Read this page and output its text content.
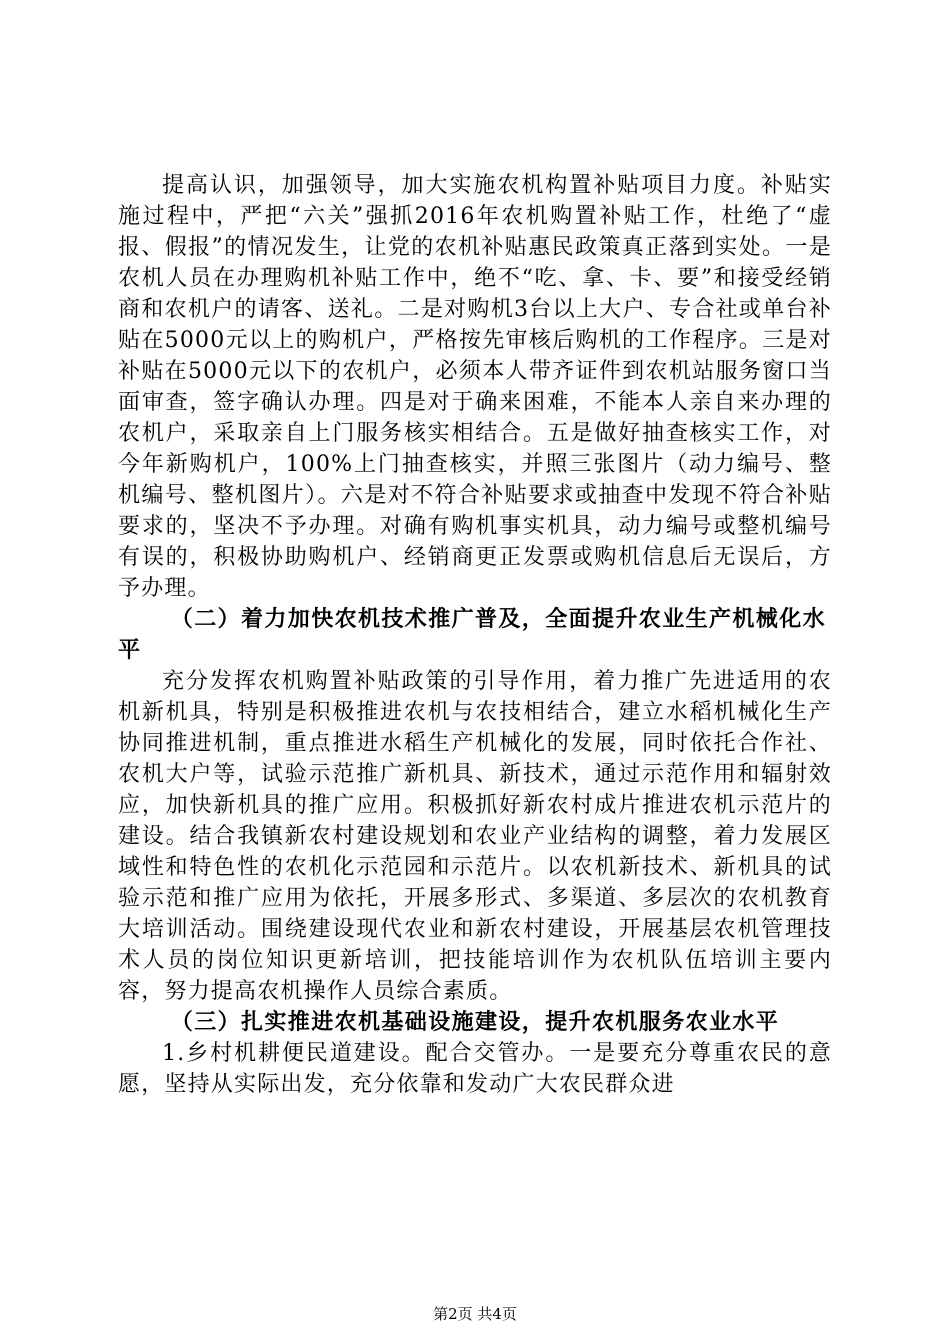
提高认识，加强领导，加大实施农机构置补贴项目力度。补贴实施过程中，严把“六关”强抓2016年农机购置补贴工作，杜绝了“虚报、假报”的情况发生，让党的农机补贴惠民政策真正落到实处。一是农机人员在办理购机补贴工作中，绝不“吃、拿、卡、要”和接受经销商和农机户的请客、送礼。二是对购机3台以上大户、专合社或单台补贴在5000元以上的购机户，严格按先审核后购机的工作程序。三是对补贴在5000元以下的农机户，必须本人带齐证件到农机站服务窗口当面审查，签字确认办理。四是对于确来困难，不能本人亲自来办理的农机户，采取亲自上门服务核实相结合。五是做好抽查核实工作，对今年新购机户，100%上门抽查核实，并照三张图片（动力编号、整机编号、整机图片）。六是对不符合补贴要求或抽查中发现不符合补贴要求的，坚决不予办理。对确有购机事实机具，动力编号或整机编号有误的，积极协助购机户、经销商更正发票或购机信息后无误后，方予办理。

（二）着力加快农机技术推广普及，全面提升农业生产机械化水平

充分发挥农机购置补贴政策的引导作用，着力推广先进适用的农机新机具，特别是积极推进农机与农技相结合，建立水稻机械化生产协同推进机制，重点推进水稻生产机械化的发展，同时依托合作社、农机大户等，试验示范推广新机具、新技术，通过示范作用和辐射效应，加快新机具的推广应用。积极抓好新农村成片推进农机示范片的建设。结合我镇新农村建设规划和农业产业结构的调整，着力发展区域性和特色性的农机化示范园和示范片。以农机新技术、新机具的试验示范和推广应用为依托，开展多形式、多渠道、多层次的农机教育大培训活动。围绕建设现代农业和新农村建设，开展基层农机管理技术人员的岗位知识更新培训，把技能培训作为农机队伍培训主要内容，努力提高农机操作人员综合素质。

（三）扎实推进农机基础设施建设，提升农机服务农业水平

1.乡村机耕便民道建设。配合交管办。一是要充分尊重农民的意愿，坚持从实际出发，充分依靠和发动广大农民群众进

第2页 共4页
